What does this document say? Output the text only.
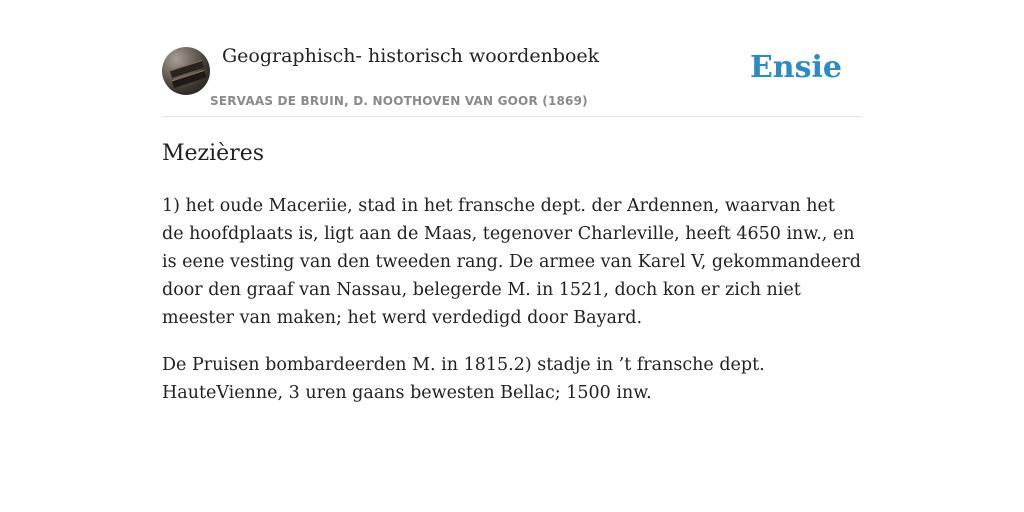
Geographisch- historisch woordenboek
SERVAAS DE BRUIN, D. NOOTHOVEN VAN GOOR (1869)
Ensie
Mezières

1) het oude Maceriie, stad in het fransche dept. der Ardennen, waarvan het de hoofdplaats is, ligt aan de Maas, tegenover Charleville, heeft 4650 inw., en is eene vesting van den tweeden rang. De armee van Karel V, gekommandeerd door den graaf van Nassau, belegerde M. in 1521, doch kon er zich niet meester van maken; het werd verdedigd door Bayard.

De Pruisen bombardeerden M. in 1815.2) stadje in ’t fransche dept. HauteVienne, 3 uren gaans bewesten Bellac; 1500 inw.
